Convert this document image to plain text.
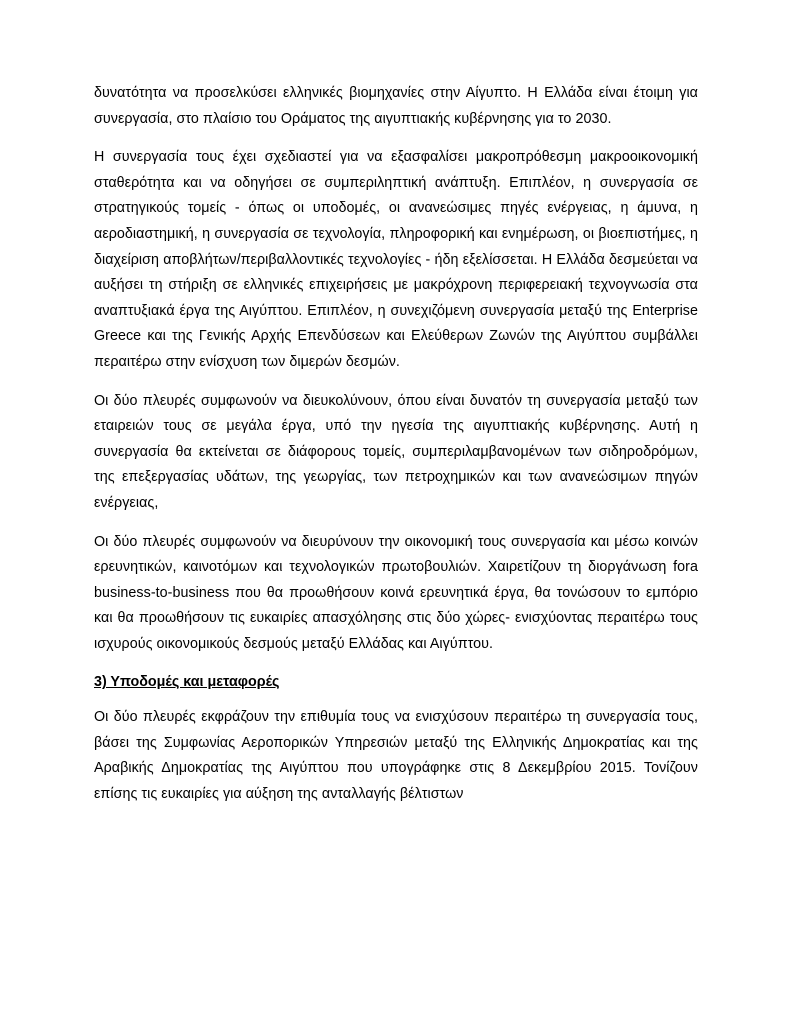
δυνατότητα να προσελκύσει ελληνικές βιομηχανίες στην Αίγυπτο. Η Ελλάδα είναι έτοιμη για συνεργασία, στο πλαίσιο του Οράματος της αιγυπτιακής κυβέρνησης για το 2030.

Η συνεργασία τους έχει σχεδιαστεί για να εξασφαλίσει μακροπρόθεσμη μακροοικονομική σταθερότητα και να οδηγήσει σε συμπεριληπτική ανάπτυξη. Επιπλέον, η συνεργασία σε στρατηγικούς τομείς - όπως οι υποδομές, οι ανανεώσιμες πηγές ενέργειας, η άμυνα, η αεροδιαστημική, η συνεργασία σε τεχνολογία, πληροφορική και ενημέρωση, οι βιοεπιστήμες, η διαχείριση αποβλήτων/περιβαλλοντικές τεχνολογίες - ήδη εξελίσσεται. Η Ελλάδα δεσμεύεται να αυξήσει τη στήριξη σε ελληνικές επιχειρήσεις με μακρόχρονη περιφερειακή τεχνογνωσία στα αναπτυξιακά έργα της Αιγύπτου. Επιπλέον, η συνεχιζόμενη συνεργασία μεταξύ της Enterprise Greece και της Γενικής Αρχής Επενδύσεων και Ελεύθερων Ζωνών της Αιγύπτου συμβάλλει περαιτέρω στην ενίσχυση των διμερών δεσμών.

Οι δύο πλευρές συμφωνούν να διευκολύνουν, όπου είναι δυνατόν τη συνεργασία μεταξύ των εταιρειών τους σε μεγάλα έργα, υπό την ηγεσία της αιγυπτιακής κυβέρνησης. Αυτή η συνεργασία θα εκτείνεται σε διάφορους τομείς, συμπεριλαμβανομένων των σιδηροδρόμων, της επεξεργασίας υδάτων, της γεωργίας, των πετροχημικών και των ανανεώσιμων πηγών ενέργειας,

Οι δύο πλευρές συμφωνούν να διευρύνουν την οικονομική τους συνεργασία και μέσω κοινών ερευνητικών, καινοτόμων και τεχνολογικών πρωτοβουλιών. Χαιρετίζουν τη διοργάνωση fora business-to-business που θα προωθήσουν κοινά ερευνητικά έργα, θα τονώσουν το εμπόριο και θα προωθήσουν τις ευκαιρίες απασχόλησης στις δύο χώρες- ενισχύοντας περαιτέρω τους ισχυρούς οικονομικούς δεσμούς μεταξύ Ελλάδας και Αιγύπτου.

3) Υποδομές και μεταφορές

Οι δύο πλευρές εκφράζουν την επιθυμία τους να ενισχύσουν περαιτέρω τη συνεργασία τους, βάσει της Συμφωνίας Αεροπορικών Υπηρεσιών μεταξύ της Ελληνικής Δημοκρατίας και της Αραβικής Δημοκρατίας της Αιγύπτου που υπογράφηκε στις 8 Δεκεμβρίου 2015. Τονίζουν επίσης τις ευκαιρίες για αύξηση της ανταλλαγής βέλτιστων
